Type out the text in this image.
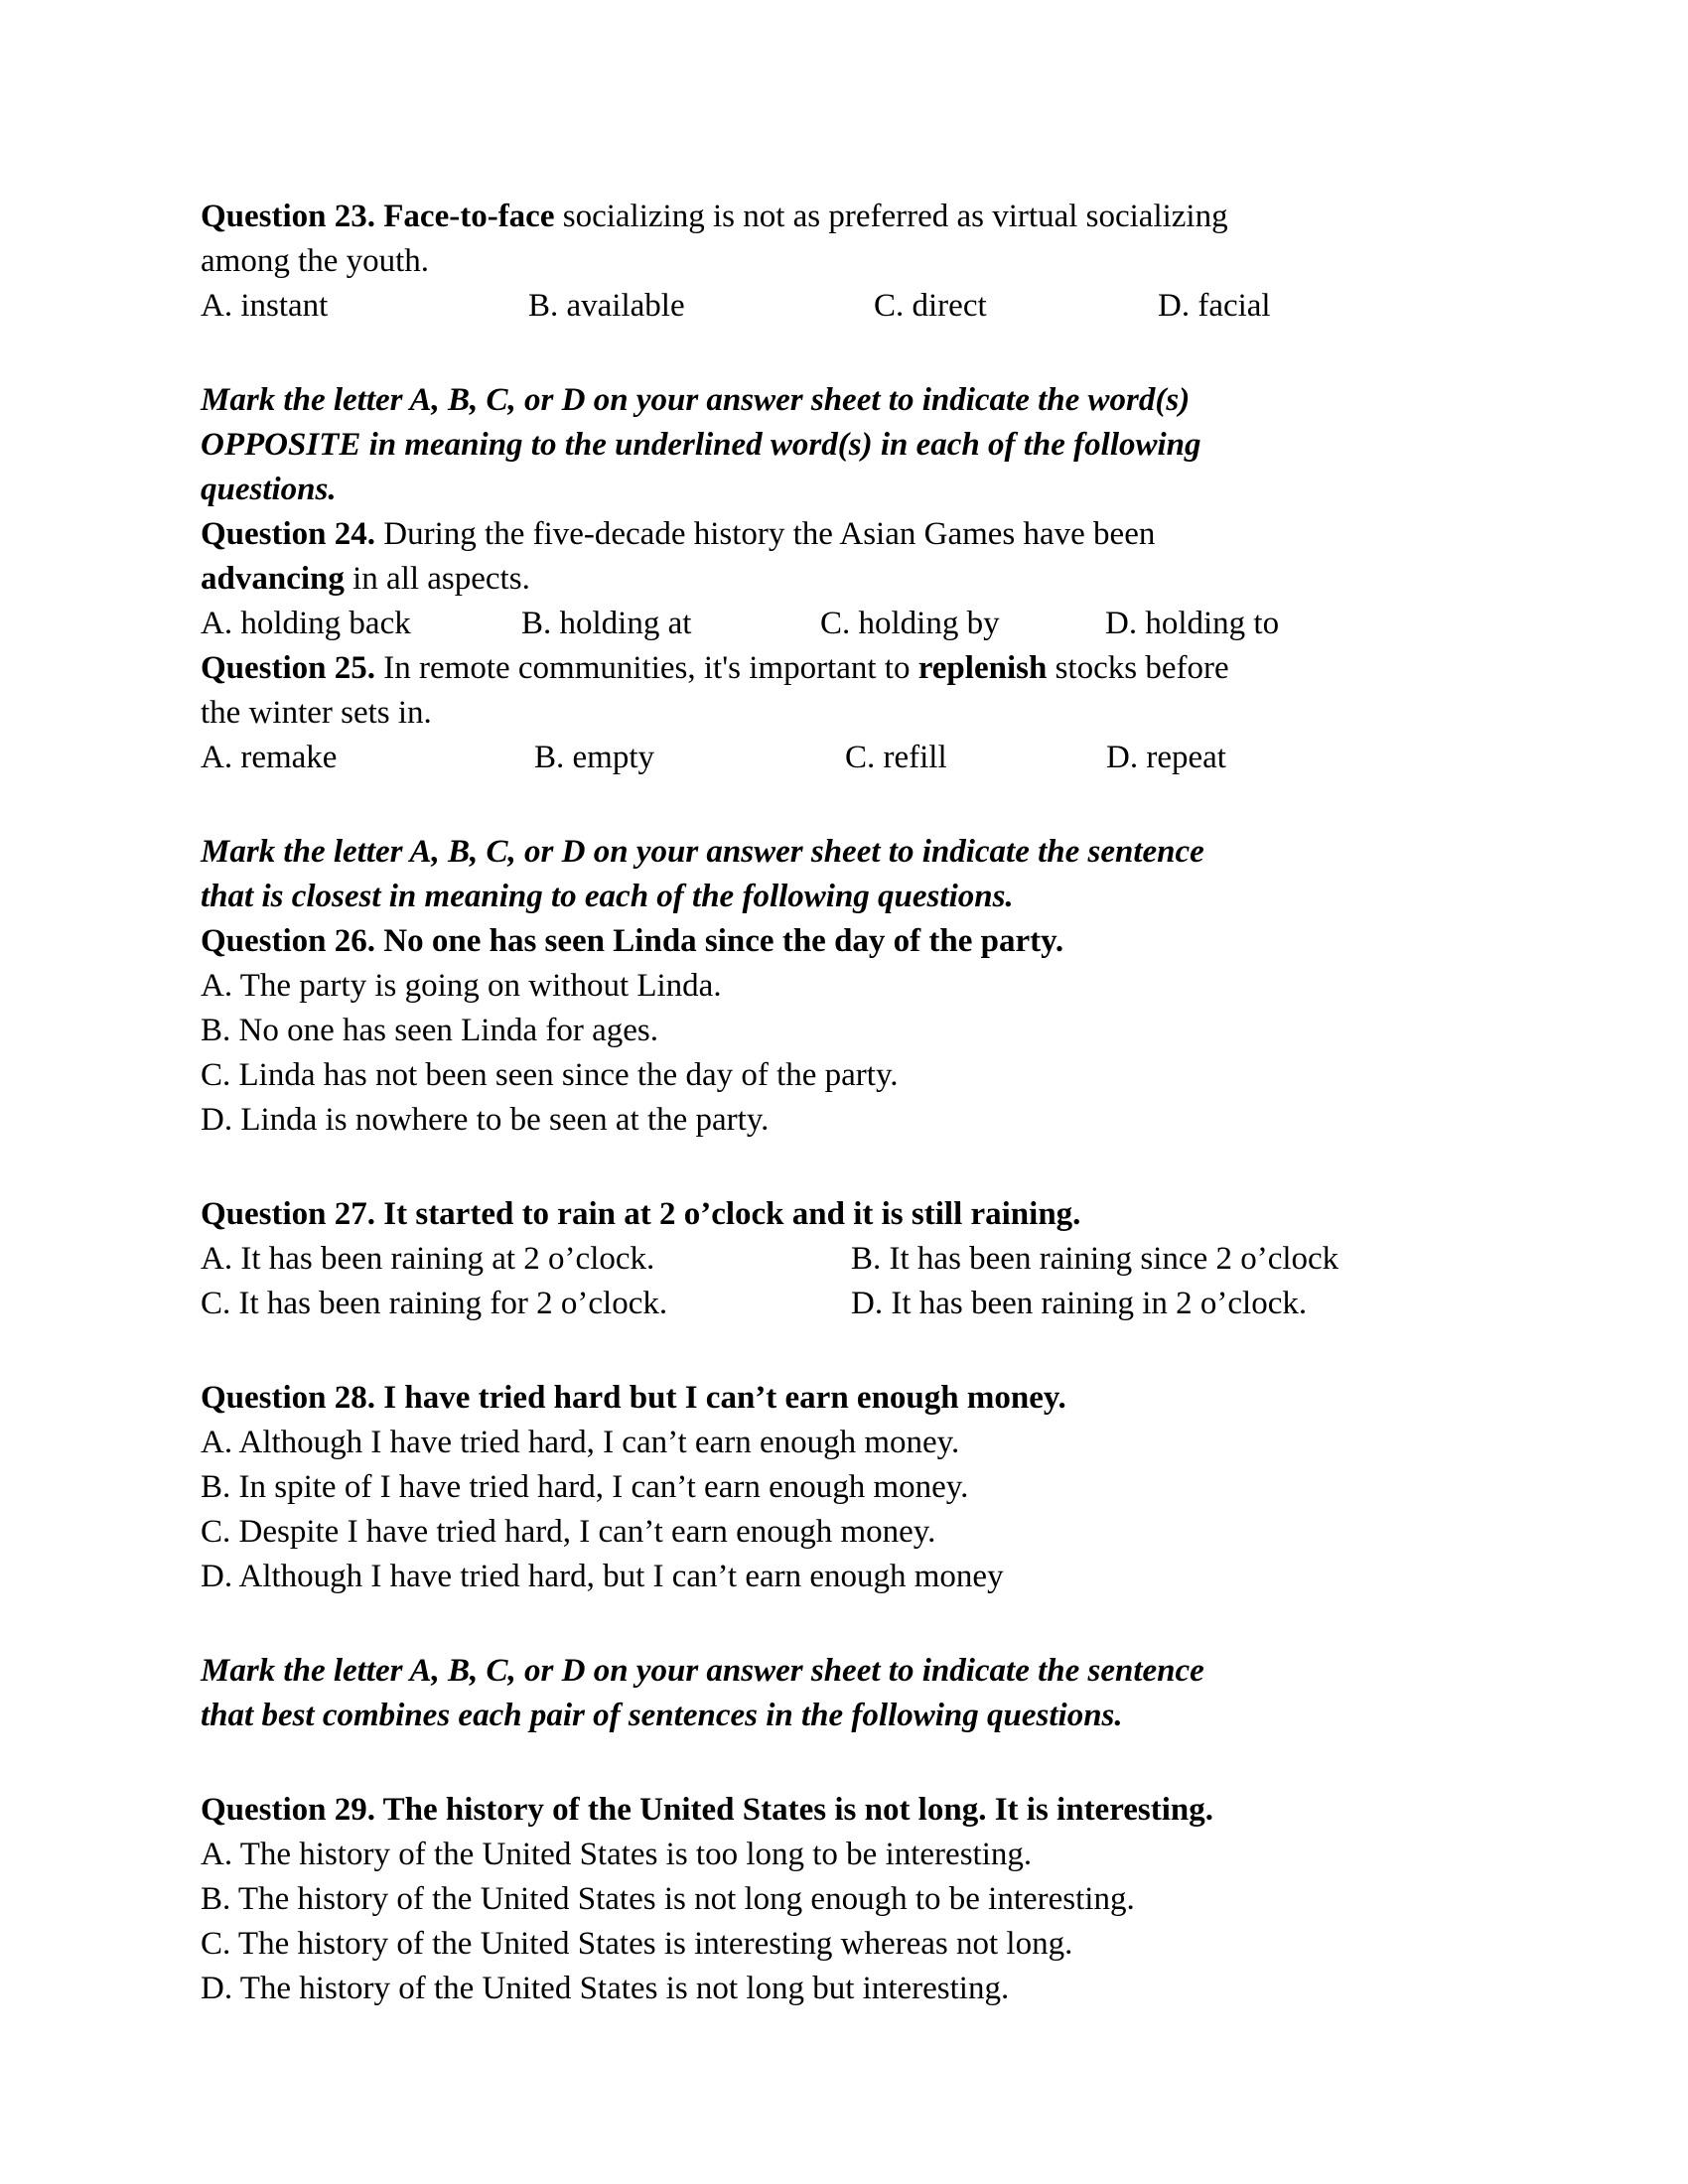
Question 23. Face-to-face socializing is not as preferred as virtual socializing
among the youth.
A. instant	B. available	C. direct	D. facial
Mark the letter A, B, C, or D on your answer sheet to indicate the word(s)
OPPOSITE in meaning to the underlined word(s) in each of the following
questions.
Question 24. During the five-decade history the Asian Games have been
advancing in all aspects.
A. holding back	B. holding at	C. holding by	D. holding to
Question 25. In remote communities, it's important to replenish stocks before
the winter sets in.
A. remake	B. empty	C. refill	D. repeat
Mark the letter A, B, C, or D on your answer sheet to indicate the sentence
that is closest in meaning to each of the following questions.
Question 26. No one has seen Linda since the day of the party.
A. The party is going on without Linda.
B. No one has seen Linda for ages.
C. Linda has not been seen since the day of the party.
D. Linda is nowhere to be seen at the party.
Question 27. It started to rain at 2 o’clock and it is still raining.
A. It has been raining at 2 o’clock.	B. It has been raining since 2 o’clock
C. It has been raining for 2 o’clock.	D. It has been raining in 2 o’clock.
Question 28. I have tried hard but I can’t earn enough money.
A. Although I have tried hard, I can’t earn enough money.
B. In spite of I have tried hard, I can’t earn enough money.
C. Despite I have tried hard, I can’t earn enough money.
D. Although I have tried hard, but I can’t earn enough money
Mark the letter A, B, C, or D on your answer sheet to indicate the sentence
that best combines each pair of sentences in the following questions.
Question 29. The history of the United States is not long. It is interesting.
A. The history of the United States is too long to be interesting.
B. The history of the United States is not long enough to be interesting.
C. The history of the United States is interesting whereas not long.
D. The history of the United States is not long but interesting.
